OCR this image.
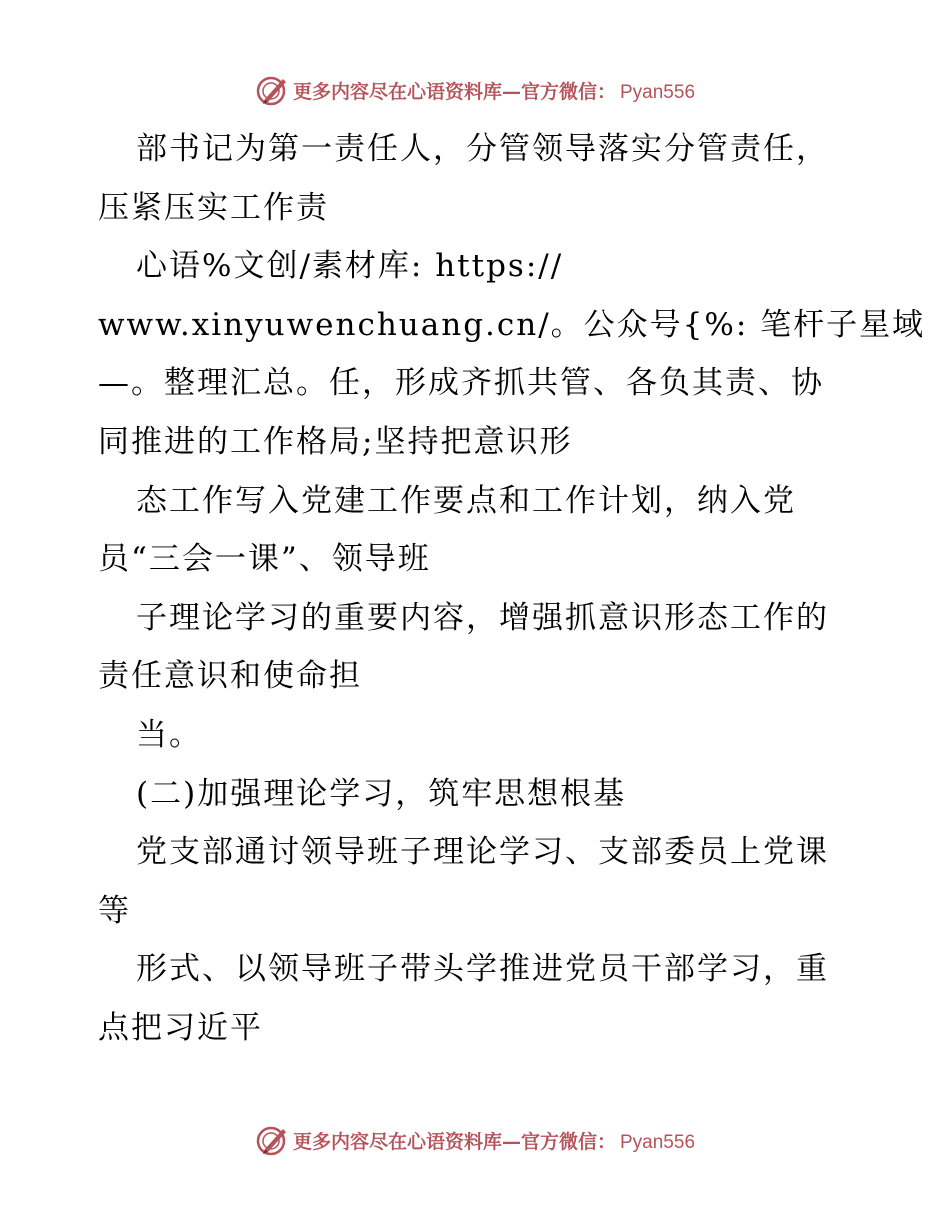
更多内容尽在心语资料库—官方微信： Pyan556
部书记为第一责任人，分管领导落实分管责任，
压紧压实工作责
心语%文创/素材库: https://
www.xinyuwenchuang.cn/。公众号{%: 笔杆子星域
—。整理汇总。任，形成齐抓共管、各负其责、协
同推进的工作格局;坚持把意识形
态工作写入党建工作要点和工作计划，纳入党
员“三会一课”、领导班
子理论学习的重要内容，增强抓意识形态工作的
责任意识和使命担
当。
(二)加强理论学习，筑牢思想根基
党支部通讨领导班子理论学习、支部委员上党课
等
形式、以领导班子带头学推进党员干部学习，重
点把习近平
更多内容尽在心语资料库—官方微信： Pyan556
